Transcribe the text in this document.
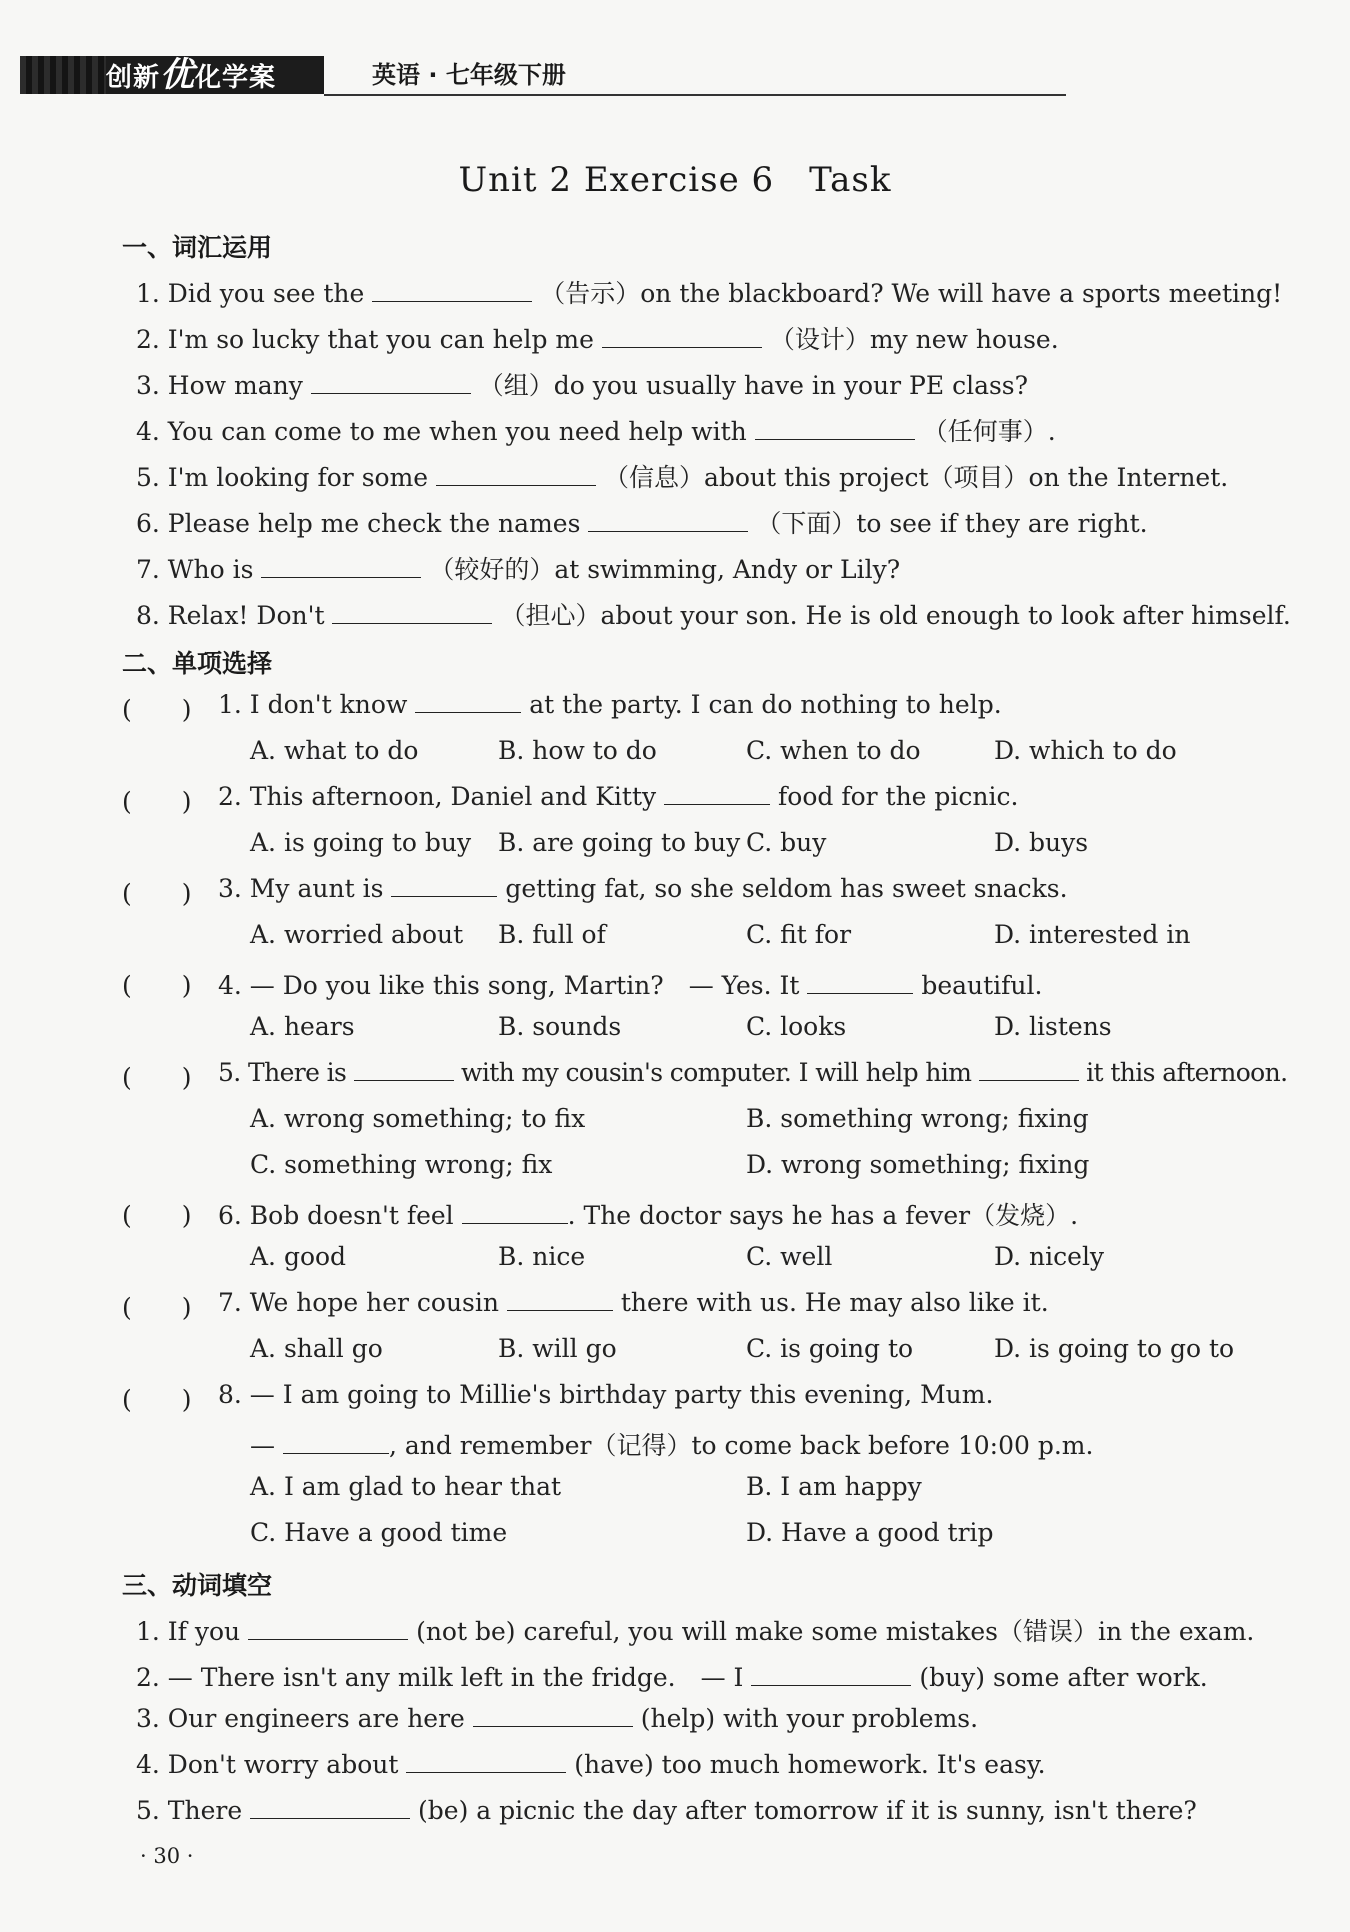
创新优化学案	英语 · 七年级下册
Unit 2 Exercise 6　Task
一、词汇运用
1. Did you see the	（告示）on the blackboard? We will have a sports meeting!
2. I'm so lucky that you can help me	（设计）my new house.
3. How many	（组）do you usually have in your PE class?
4. You can come to me when you need help with	（任何事）.
5. I'm looking for some	（信息）about this project（项目）on the Internet.
6. Please help me check the names	（下面）to see if they are right.
7. Who is	（较好的）at swimming, Andy or Lily?
8. Relax! Don't	（担心）about your son. He is old enough to look after himself.
二、单项选择
(　　) 1. I don't know	at the party. I can do nothing to help.
A. what to do	B. how to do	C. when to do	D. which to do
(　　) 2. This afternoon, Daniel and Kitty	food for the picnic.
A. is going to buy B. are going to buy C. buy	D. buys
(　　) 3. My aunt is	getting fat, so she seldom has sweet snacks.
A. worried about B. full of	C. fit for	D. interested in
(　　) 4. — Do you like this song, Martin?　— Yes. It	beautiful.
A. hears	B. sounds	C. looks	D. listens
(　　) 5. There is	with my cousin's computer. I will help him	it this afternoon.
A. wrong something; to fix	B. something wrong; fixing
C. something wrong; fix	D. wrong something; fixing
(　　) 6. Bob doesn't feel	. The doctor says he has a fever（发烧）.
A. good	B. nice	C. well	D. nicely
(　　) 7. We hope her cousin	there with us. He may also like it.
A. shall go	B. will go	C. is going to	D. is going to go to
(　　) 8. — I am going to Millie's birthday party this evening, Mum.
—	, and remember（记得）to come back before 10:00 p.m.
A. I am glad to hear that	B. I am happy
C. Have a good time	D. Have a good trip
三、动词填空
1. If you	(not be) careful, you will make some mistakes（错误）in the exam.
2. — There isn't any milk left in the fridge.　— I	(buy) some after work.
3. Our engineers are here	(help) with your problems.
4. Don't worry about	(have) too much homework. It's easy.
5. There	(be) a picnic the day after tomorrow if it is sunny, isn't there?
· 30 ·
